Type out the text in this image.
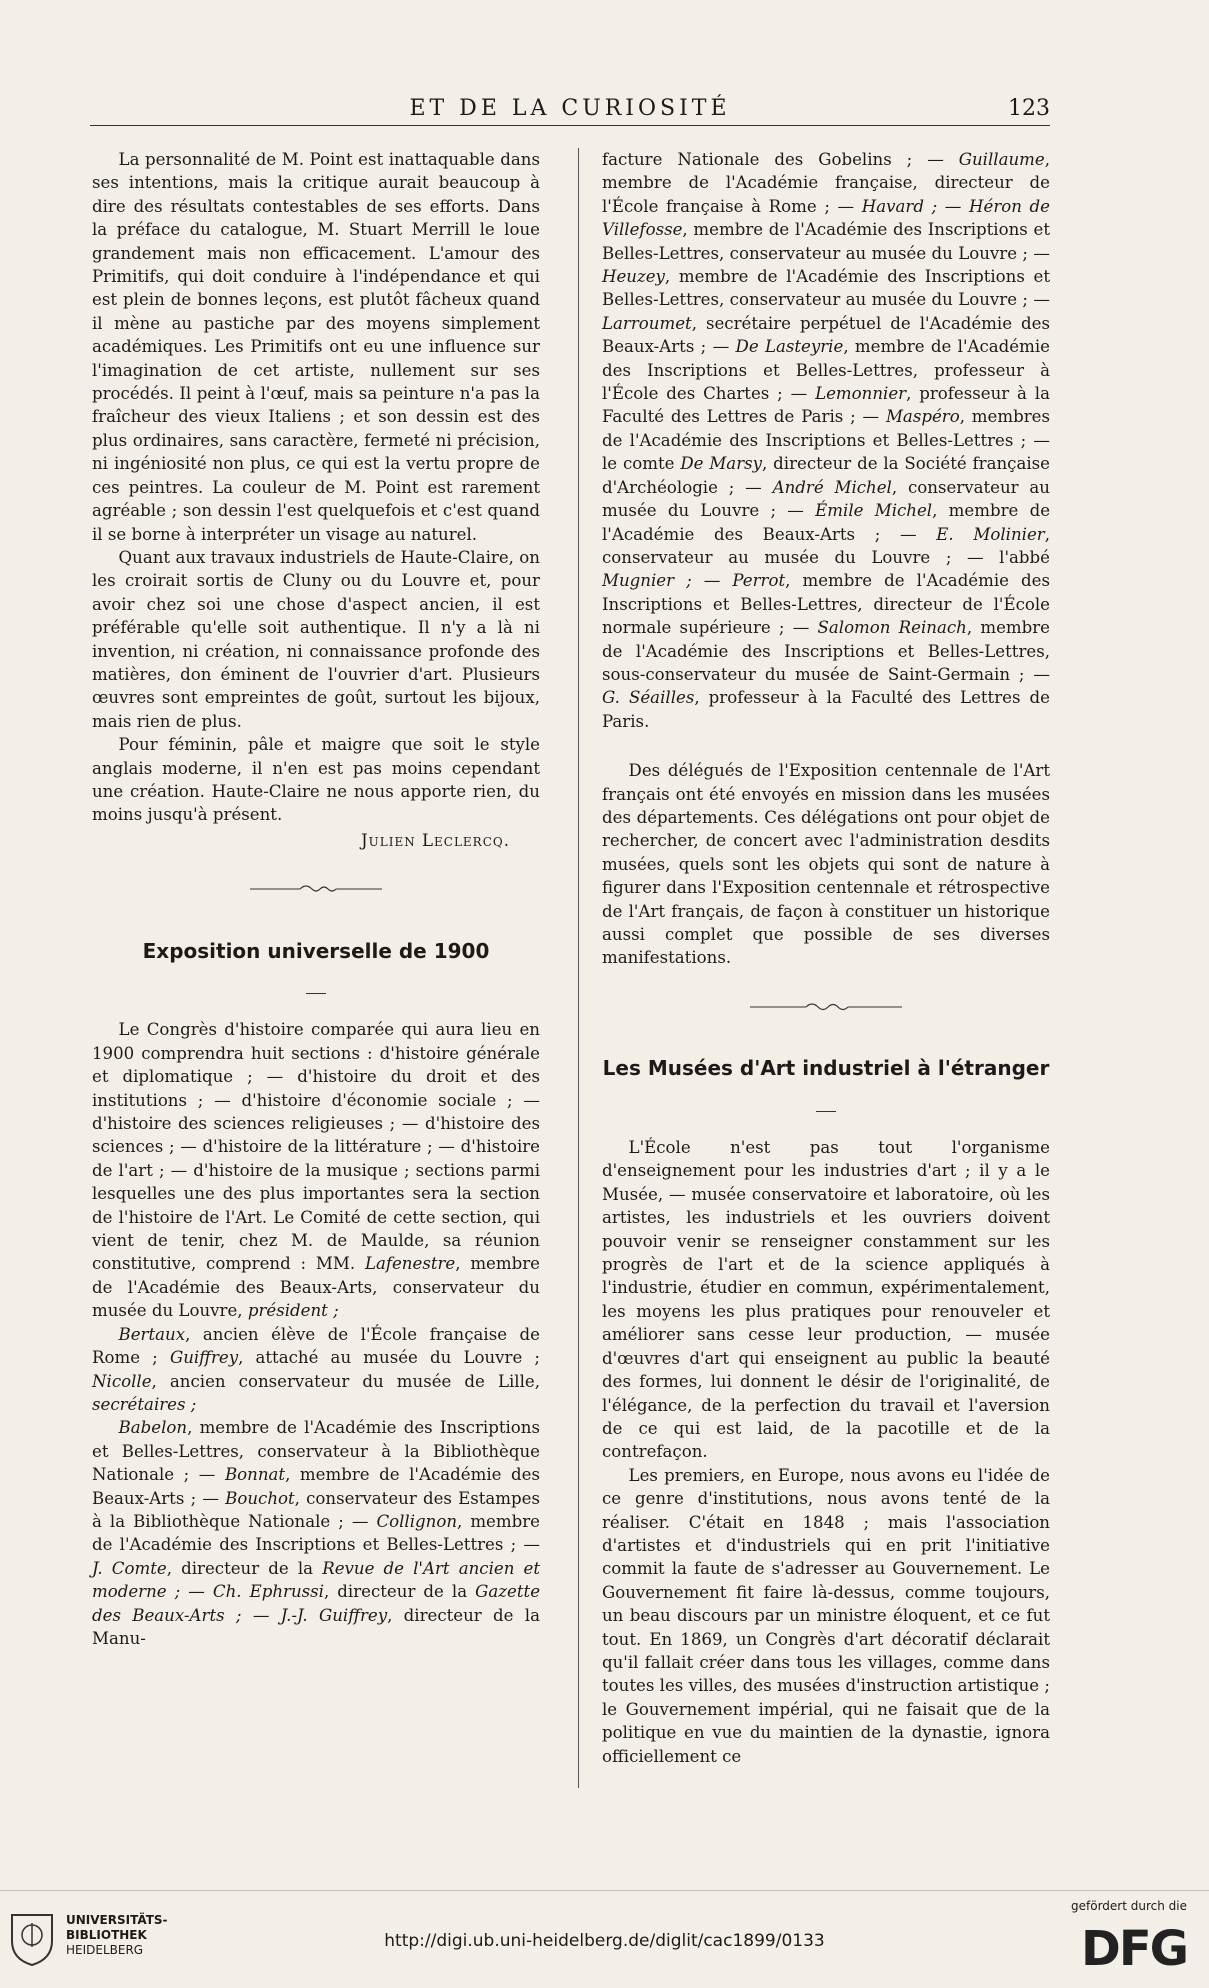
ET DE LA CURIOSITÉ	123

La personnalité de M. Point est inattaquable dans ses intentions, mais la critique aurait beaucoup à dire des résultats contestables de ses efforts. Dans la préface du catalogue, M. Stuart Merrill le loue grandement mais non efficacement. L'amour des Primitifs, qui doit conduire à l'indépendance et qui est plein de bonnes leçons, est plutôt fâcheux quand il mène au pastiche par des moyens simplement académiques. Les Primitifs ont eu une influence sur l'imagination de cet artiste, nullement sur ses procédés. Il peint à l'œuf, mais sa peinture n'a pas la fraîcheur des vieux Italiens ; et son dessin est des plus ordinaires, sans caractère, fermeté ni précision, ni ingéniosité non plus, ce qui est la vertu propre de ces peintres. La couleur de M. Point est rarement agréable ; son dessin l'est quelquefois et c'est quand il se borne à interpréter un visage au naturel.

Quant aux travaux industriels de Haute-Claire, on les croirait sortis de Cluny ou du Louvre et, pour avoir chez soi une chose d'aspect ancien, il est préférable qu'elle soit authentique. Il n'y a là ni invention, ni création, ni connaissance profonde des matières, don éminent de l'ouvrier d'art. Plusieurs œuvres sont empreintes de goût, surtout les bijoux, mais rien de plus.

Pour féminin, pâle et maigre que soit le style anglais moderne, il n'en est pas moins cependant une création. Haute-Claire ne nous apporte rien, du moins jusqu'à présent.

Julien Leclercq.
Exposition universelle de 1900

Le Congrès d'histoire comparée qui aura lieu en 1900 comprendra huit sections : d'histoire générale et diplomatique ; — d'histoire du droit et des institutions ; — d'histoire d'économie sociale ; — d'histoire des sciences religieuses ; — d'histoire des sciences ; — d'histoire de la littérature ; — d'histoire de l'art ; — d'histoire de la musique ; sections parmi lesquelles une des plus importantes sera la section de l'histoire de l'Art. Le Comité de cette section, qui vient de tenir, chez M. de Maulde, sa réunion constitutive, comprend : MM. Lafenestre, membre de l'Académie des Beaux-Arts, conservateur du musée du Louvre, président ;

Bertaux, ancien élève de l'École française de Rome ; Guiffrey, attaché au musée du Louvre ; Nicolle, ancien conservateur du musée de Lille, secrétaires ;

Babelon, membre de l'Académie des Inscriptions et Belles-Lettres, conservateur à la Bibliothèque Nationale ; — Bonnat, membre de l'Académie des Beaux-Arts ; — Bouchot, conservateur des Estampes à la Bibliothèque Nationale ; — Collignon, membre de l'Académie des Inscriptions et Belles-Lettres ; — J. Comte, directeur de la Revue de l'Art ancien et moderne ; — Ch. Ephrussi, directeur de la Gazette des Beaux-Arts ; — J.-J. Guiffrey, directeur de la Manu-

facture Nationale des Gobelins ; — Guillaume, membre de l'Académie française, directeur de l'École française à Rome ; — Havard ; — Héron de Villefosse, membre de l'Académie des Inscriptions et Belles-Lettres, conservateur au musée du Louvre ; — Heuzey, membre de l'Académie des Inscriptions et Belles-Lettres, conservateur au musée du Louvre ; — Larroumet, secrétaire perpétuel de l'Académie des Beaux-Arts ; — De Lasteyrie, membre de l'Académie des Inscriptions et Belles-Lettres, professeur à l'École des Chartes ; — Lemonnier, professeur à la Faculté des Lettres de Paris ; — Maspéro, membres de l'Académie des Inscriptions et Belles-Lettres ; — le comte De Marsy, directeur de la Société française d'Archéologie ; — André Michel, conservateur au musée du Louvre ; — Émile Michel, membre de l'Académie des Beaux-Arts ; — E. Molinier, conservateur au musée du Louvre ; — l'abbé Mugnier ; — Perrot, membre de l'Académie des Inscriptions et Belles-Lettres, directeur de l'École normale supérieure ; — Salomon Reinach, membre de l'Académie des Inscriptions et Belles-Lettres, sous-conservateur du musée de Saint-Germain ; — G. Séailles, professeur à la Faculté des Lettres de Paris.

Des délégués de l'Exposition centennale de l'Art français ont été envoyés en mission dans les musées des départements. Ces délégations ont pour objet de rechercher, de concert avec l'administration desdits musées, quels sont les objets qui sont de nature à figurer dans l'Exposition centennale et rétrospective de l'Art français, de façon à constituer un historique aussi complet que possible de ses diverses manifestations.

Les Musées d'Art industriel à l'étranger

L'École n'est pas tout l'organisme d'enseignement pour les industries d'art ; il y a le Musée, — musée conservatoire et laboratoire, où les artistes, les industriels et les ouvriers doivent pouvoir venir se renseigner constamment sur les progrès de l'art et de la science appliqués à l'industrie, étudier en commun, expérimentalement, les moyens les plus pratiques pour renouveler et améliorer sans cesse leur production, — musée d'œuvres d'art qui enseignent au public la beauté des formes, lui donnent le désir de l'originalité, de l'élégance, de la perfection du travail et l'aversion de ce qui est laid, de la pacotille et de la contrefaçon.

Les premiers, en Europe, nous avons eu l'idée de ce genre d'institutions, nous avons tenté de la réaliser. C'était en 1848 ; mais l'association d'artistes et d'industriels qui en prit l'initiative commit la faute de s'adresser au Gouvernement. Le Gouvernement fit faire là-dessus, comme toujours, un beau discours par un ministre éloquent, et ce fut tout. En 1869, un Congrès d'art décoratif déclarait qu'il fallait créer dans tous les villages, comme dans toutes les villes, des musées d'instruction artistique ; le Gouvernement impérial, qui ne faisait que de la politique en vue du maintien de la dynastie, ignora officiellement ce

UNIVERSITÄTS-
BIBLIOTHEK
HEIDELBERG	http://digi.ub.uni-heidelberg.de/diglit/cac1899/0133
gefördert durch die
DFG
